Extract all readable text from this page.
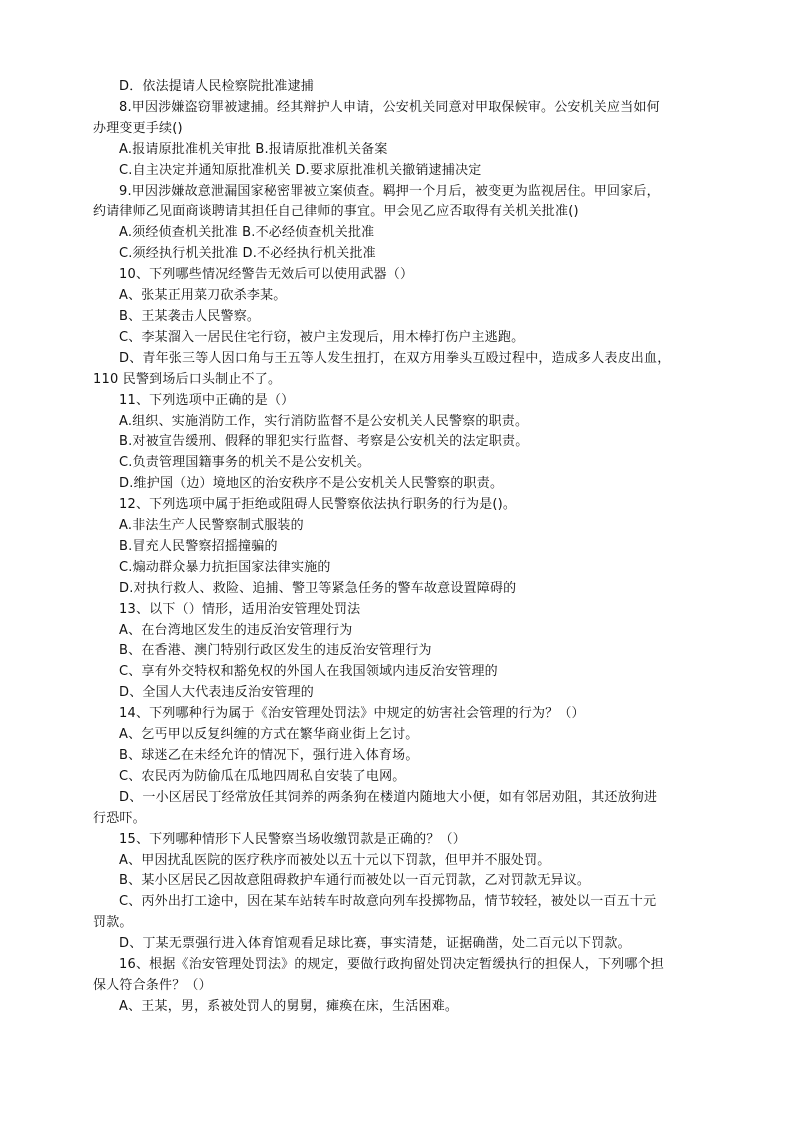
D．依法提请人民检察院批准逮捕
8.甲因涉嫌盗窃罪被逮捕。经其辩护人申请，公安机关同意对甲取保候审。公安机关应当如何
办理变更手续()
A.报请原批准机关审批 B.报请原批准机关备案
C.自主决定并通知原批准机关 D.要求原批准机关撤销逮捕决定
9.甲因涉嫌故意泄漏国家秘密罪被立案侦查。羁押一个月后，被变更为监视居住。甲回家后，
约请律师乙见面商谈聘请其担任自己律师的事宜。甲会见乙应否取得有关机关批准()
A.须经侦查机关批准 B.不必经侦查机关批准
C.须经执行机关批准 D.不必经执行机关批准
10、下列哪些情况经警告无效后可以使用武器（）
A、张某正用菜刀砍杀李某。
B、王某袭击人民警察。
C、李某溜入一居民住宅行窃，被户主发现后，用木棒打伤户主逃跑。
D、青年张三等人因口角与王五等人发生扭打，在双方用拳头互殴过程中，造成多人表皮出血，
110 民警到场后口头制止不了。
11、下列选项中正确的是（）
A.组织、实施消防工作，实行消防监督不是公安机关人民警察的职责。
B.对被宣告缓刑、假释的罪犯实行监督、考察是公安机关的法定职责。
C.负责管理国籍事务的机关不是公安机关。
D.维护国（边）境地区的治安秩序不是公安机关人民警察的职责。
12、下列选项中属于拒绝或阻碍人民警察依法执行职务的行为是()。
A.非法生产人民警察制式服装的
B.冒充人民警察招摇撞骗的
C.煽动群众暴力抗拒国家法律实施的
D.对执行救人、救险、追捕、警卫等紧急任务的警车故意设置障碍的
13、以下（）情形，适用治安管理处罚法
A、在台湾地区发生的违反治安管理行为
B、在香港、澳门特别行政区发生的违反治安管理行为
C、享有外交特权和豁免权的外国人在我国领域内违反治安管理的
D、全国人大代表违反治安管理的
14、下列哪种行为属于《治安管理处罚法》中规定的妨害社会管理的行为？（）
A、乞丐甲以反复纠缠的方式在繁华商业街上乞讨。
B、球迷乙在未经允许的情况下，强行进入体育场。
C、农民丙为防偷瓜在瓜地四周私自安装了电网。
D、一小区居民丁经常放任其饲养的两条狗在楼道内随地大小便，如有邻居劝阻，其还放狗进
行恐吓。
15、下列哪种情形下人民警察当场收缴罚款是正确的？（）
A、甲因扰乱医院的医疗秩序而被处以五十元以下罚款，但甲并不服处罚。
B、某小区居民乙因故意阻碍救护车通行而被处以一百元罚款，乙对罚款无异议。
C、丙外出打工途中，因在某车站转车时故意向列车投掷物品，情节较轻，被处以一百五十元
罚款。
D、丁某无票强行进入体育馆观看足球比赛，事实清楚，证据确凿，处二百元以下罚款。
16、根据《治安管理处罚法》的规定，要做行政拘留处罚决定暂缓执行的担保人，下列哪个担
保人符合条件？（）
A、王某，男，系被处罚人的舅舅，瘫痪在床，生活困难。
